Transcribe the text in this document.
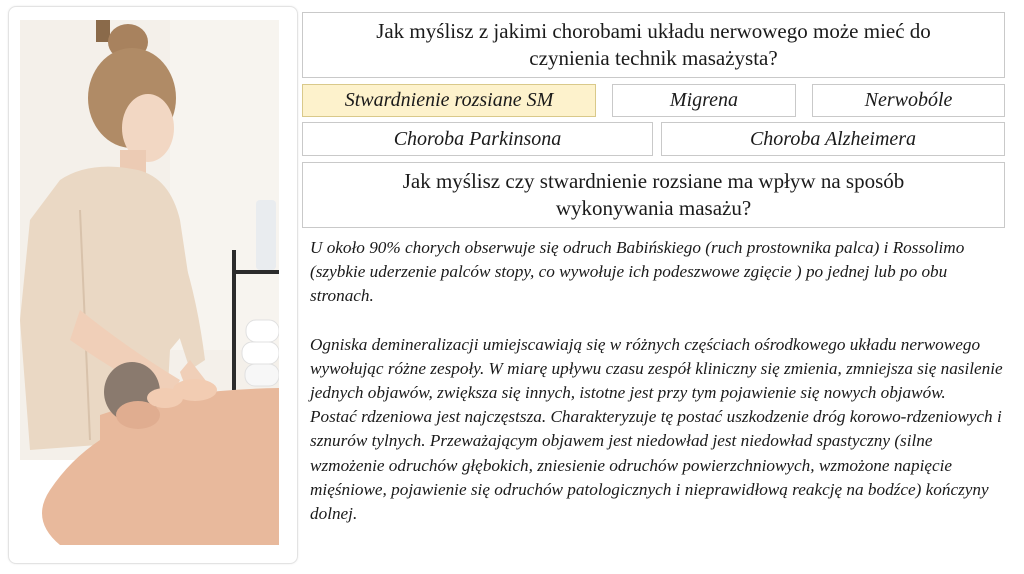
Jak myślisz z jakimi chorobami układu nerwowego może mieć do czynienia technik masażysta?
Stwardnienie rozsiane SM	Migrena	Nerwobóle
Choroba Parkinsona	Choroba Alzheimera
Jak myślisz czy stwardnienie rozsiane ma wpływ na sposób wykonywania masażu?

U około 90% chorych obserwuje się odruch Babińskiego (ruch prostownika palca) i Rossolimo (szybkie uderzenie palców stopy, co wywołuje ich podeszwowe zgięcie ) po jednej lub po obu stronach.

Ogniska demineralizacji umiejscawiają się w różnych częściach ośrodkowego układu nerwowego wywołując różne zespoły. W miarę upływu czasu zespół kliniczny się zmienia, zmniejsza się nasilenie jednych objawów, zwiększa się innych, istotne jest przy tym pojawienie się nowych objawów.

Postać rdzeniowa jest najczęstsza. Charakteryzuje tę postać uszkodzenie dróg korowo-rdzeniowych i sznurów tylnych. Przeważającym objawem jest niedowład jest niedowład spastyczny (silne wzmożenie odruchów głębokich, zniesienie odruchów powierzchniowych, wzmożone napięcie mięśniowe, pojawienie się odruchów patologicznych i nieprawidłową reakcję na bodźce) kończyny dolnej.
